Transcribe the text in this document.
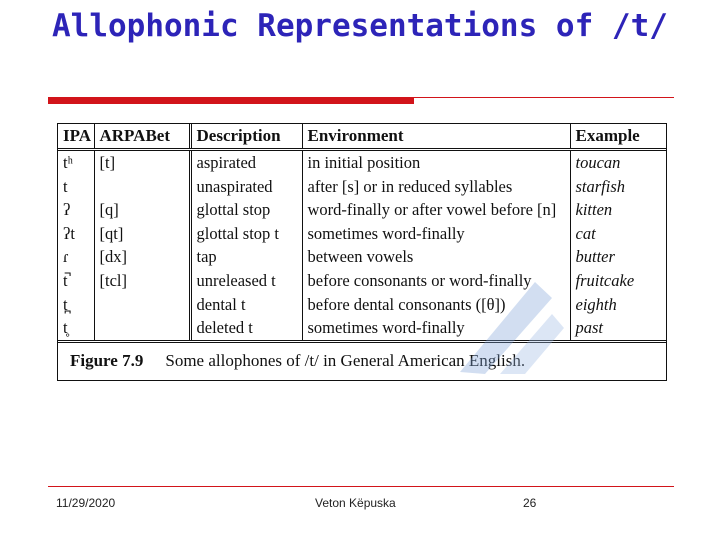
Allophonic Representations of /t/
IPA	ARPABet	Description	Environment	Example
tʰ	[t]	aspirated	in initial position	toucan
t		unaspirated	after [s] or in reduced syllables	starfish
ʔ	[q]	glottal stop	word-finally or after vowel before [n]	kitten
ʔt	[qt]	glottal stop t	sometimes word-finally	cat
ɾ	[dx]	tap	between vowels	butter
t̚	[tcl]	unreleased t	before consonants or word-finally	fruitcake
t̪		dental t	before dental consonants ([θ])	eighth
t̥		deleted t	sometimes word-finally	past
Figure 7.9 Some allophones of /t/ in General American English.
11/29/2020	Veton Këpuska	26
